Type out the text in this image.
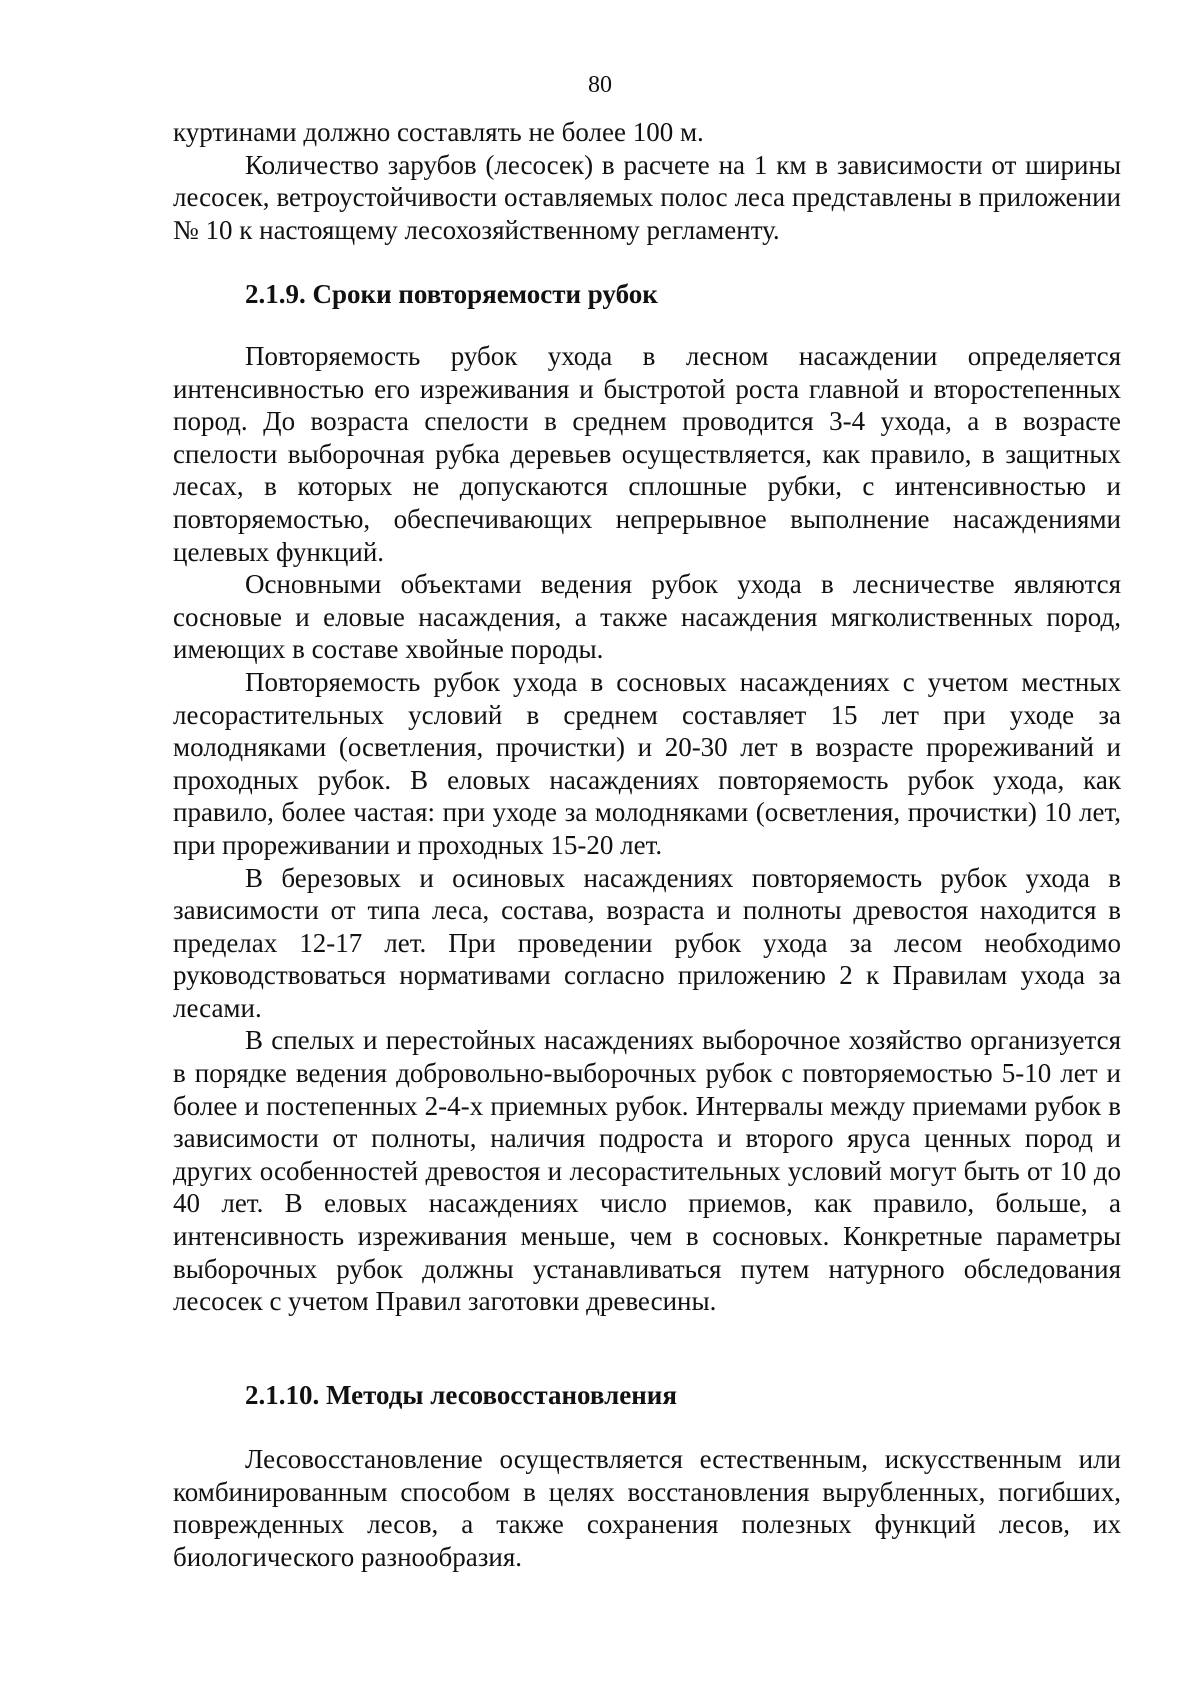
80

куртинами должно составлять не более 100 м.

Количество зарубов (лесосек) в расчете на 1 км в зависимости от ширины лесосек, ветроустойчивости оставляемых полос леса представлены в приложении № 10 к настоящему лесохозяйственному регламенту.

2.1.9. Сроки повторяемости рубок

Повторяемость рубок ухода в лесном насаждении определяется интенсивностью его изреживания и быстротой роста главной и второстепенных пород. До возраста спелости в среднем проводится 3-4 ухода, а в возрасте спелости выборочная рубка деревьев осуществляется, как правило, в защитных лесах, в которых не допускаются сплошные рубки, с интенсивностью и повторяемостью, обеспечивающих непрерывное выполнение насаждениями целевых функций.

Основными объектами ведения рубок ухода в лесничестве являются сосновые и еловые насаждения, а также насаждения мягколиственных пород, имеющих в составе хвойные породы.

Повторяемость рубок ухода в сосновых насаждениях с учетом местных лесорастительных условий в среднем составляет 15 лет при уходе за молодняками (осветления, прочистки) и 20-30 лет в возрасте прореживаний и проходных рубок. В еловых насаждениях повторяемость рубок ухода, как правило, более частая: при уходе за молодняками (осветления, прочистки) 10 лет, при прореживании и проходных 15-20 лет.

В березовых и осиновых насаждениях повторяемость рубок ухода в зависимости от типа леса, состава, возраста и полноты древостоя находится в пределах 12-17 лет. При проведении рубок ухода за лесом необходимо руководствоваться нормативами согласно приложению 2 к Правилам ухода за лесами.

В спелых и перестойных насаждениях выборочное хозяйство организуется в порядке ведения добровольно-выборочных рубок с повторяемостью 5-10 лет и более и постепенных 2-4-х приемных рубок. Интервалы между приемами рубок в зависимости от полноты, наличия подроста и второго яруса ценных пород и других особенностей древостоя и лесорастительных условий могут быть от 10 до 40 лет. В еловых насаждениях число приемов, как правило, больше, а интенсивность изреживания меньше, чем в сосновых. Конкретные параметры выборочных рубок должны устанавливаться путем натурного обследования лесосек с учетом Правил заготовки древесины.

2.1.10. Методы лесовосстановления

Лесовосстановление осуществляется естественным, искусственным или комбинированным способом в целях восстановления вырубленных, погибших, поврежденных лесов, а также сохранения полезных функций лесов, их биологического разнообразия.
